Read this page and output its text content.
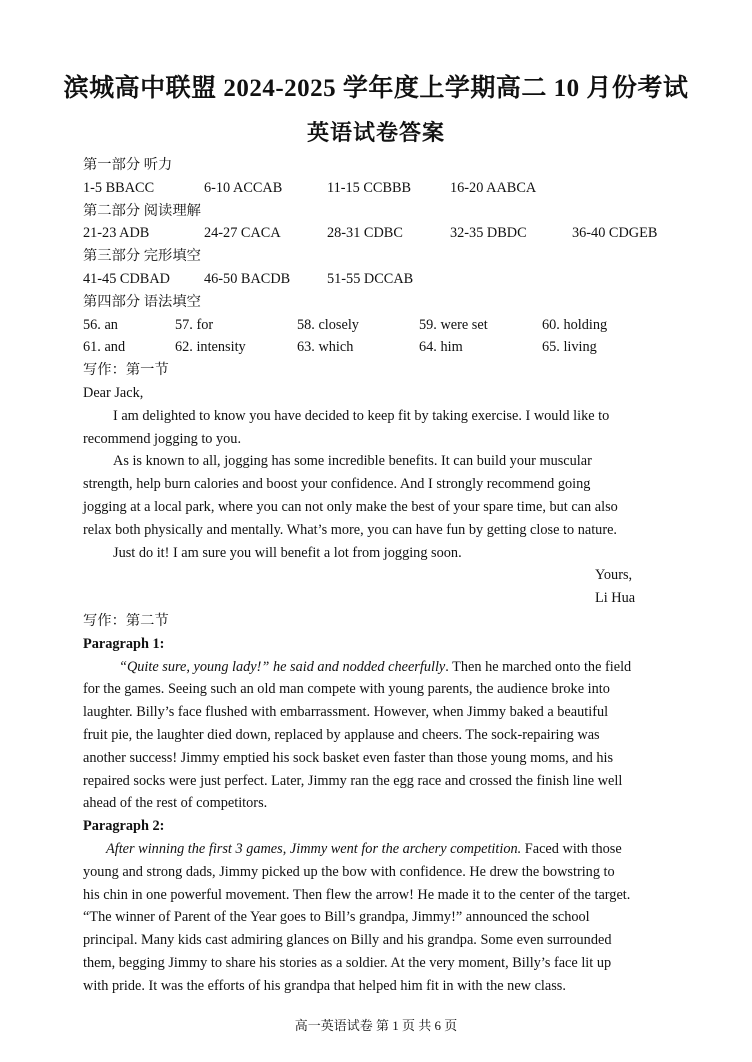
滨城高中联盟 2024-2025 学年度上学期高二 10 月份考试
英语试卷答案
第一部分 听力
1-5 BBACC	6-10 ACCAB	11-15 CCBBB	16-20 AABCA
第二部分 阅读理解
21-23 ADB	24-27 CACA	28-31 CDBC	32-35 DBDC	36-40 CDGEB
第三部分 完形填空
41-45 CDBAD 46-50 BACDB	51-55 DCCAB
第四部分 语法填空
56. an	57. for	58. closely	59. were set	60. holding
61. and	62. intensity	63. which	64. him	65. living
写作：第一节
Dear Jack,
I am delighted to know you have decided to keep fit by taking exercise. I would like to
recommend jogging to you.
As is known to all, jogging has some incredible benefits. It can build your muscular
strength, help burn calories and boost your confidence. And I strongly recommend going
jogging at a local park, where you can not only make the best of your spare time, but can also
relax both physically and mentally. What’s more, you can have fun by getting close to nature.
Just do it! I am sure you will benefit a lot from jogging soon.
Yours,
Li Hua
写作：第二节
Paragraph 1:
“Quite sure, young lady!” he said and nodded cheerfully. Then he marched onto the field
for the games. Seeing such an old man compete with young parents, the audience broke into
laughter. Billy’s face flushed with embarrassment. However, when Jimmy baked a beautiful
fruit pie, the laughter died down, replaced by applause and cheers. The sock-repairing was
another success! Jimmy emptied his sock basket even faster than those young moms, and his
repaired socks were just perfect. Later, Jimmy ran the egg race and crossed the finish line well
ahead of the rest of competitors.
Paragraph 2:
After winning the first 3 games, Jimmy went for the archery competition. Faced with those
young and strong dads, Jimmy picked up the bow with confidence. He drew the bowstring to
his chin in one powerful movement. Then flew the arrow! He made it to the center of the target.
“The winner of Parent of the Year goes to Bill’s grandpa, Jimmy!” announced the school
principal. Many kids cast admiring glances on Billy and his grandpa. Some even surrounded
them, begging Jimmy to share his stories as a soldier. At the very moment, Billy’s face lit up
with pride. It was the efforts of his grandpa that helped him fit in with the new class.
高一英语试卷 第 1 页 共 6 页
